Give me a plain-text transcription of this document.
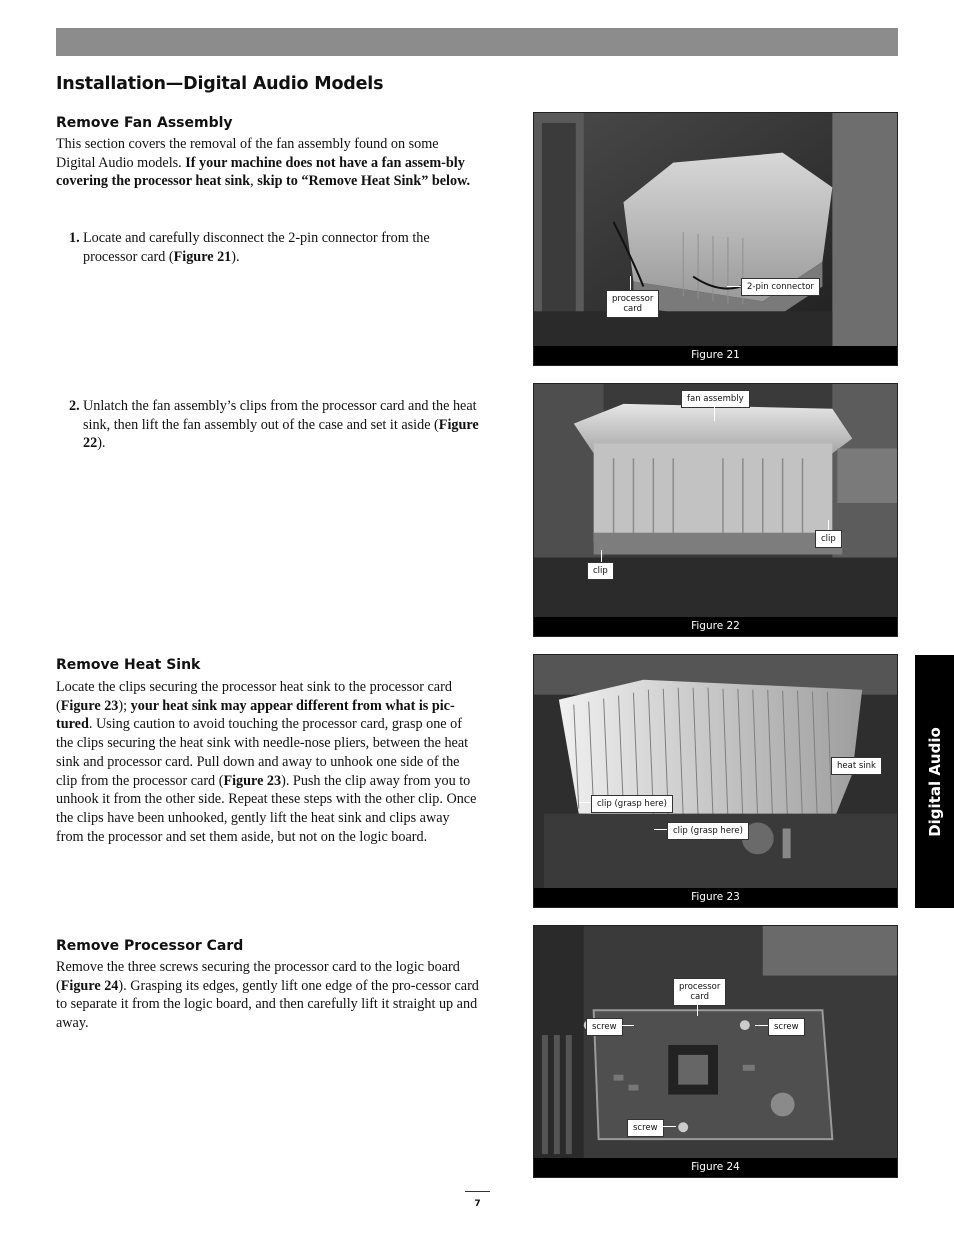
Installation—Digital Audio Models
Remove Fan Assembly
This section covers the removal of the fan assembly found on some Digital Audio models. If your machine does not have a fan assem-bly covering the processor heat sink, skip to “Remove Heat Sink” below.
1. Locate and carefully disconnect the 2-pin connector from the processor card (Figure 21).
2. Unlatch the fan assembly’s clips from the processor card and the heat sink, then lift the fan assembly out of the case and set it aside (Figure 22).
Remove Heat Sink
Locate the clips securing the processor heat sink to the processor card (Figure 23); your heat sink may appear different from what is pic-tured. Using caution to avoid touching the processor card, grasp one of the clips securing the heat sink with needle-nose pliers, between the heat sink and processor card. Pull down and away to unhook one side of the clip from the processor card (Figure 23). Push the clip away from you to unhook it from the other side. Repeat these steps with the other clip. Once the clips have been unhooked, gently lift the heat sink and clips away from the processor and set them aside, but not on the logic board.
Remove Processor Card
Remove the three screws securing the processor card to the logic board (Figure 24). Grasping its edges, gently lift one edge of the pro-cessor card to separate it from the logic board, and then carefully lift it straight up and away.
processor
card
2-pin connector
Figure 21
fan assembly
clip
clip
Figure 22
heat sink
clip (grasp here)
clip (grasp here)
Figure 23
processor
card
screw	screw
screw
Figure 24
Digital Audio
7
